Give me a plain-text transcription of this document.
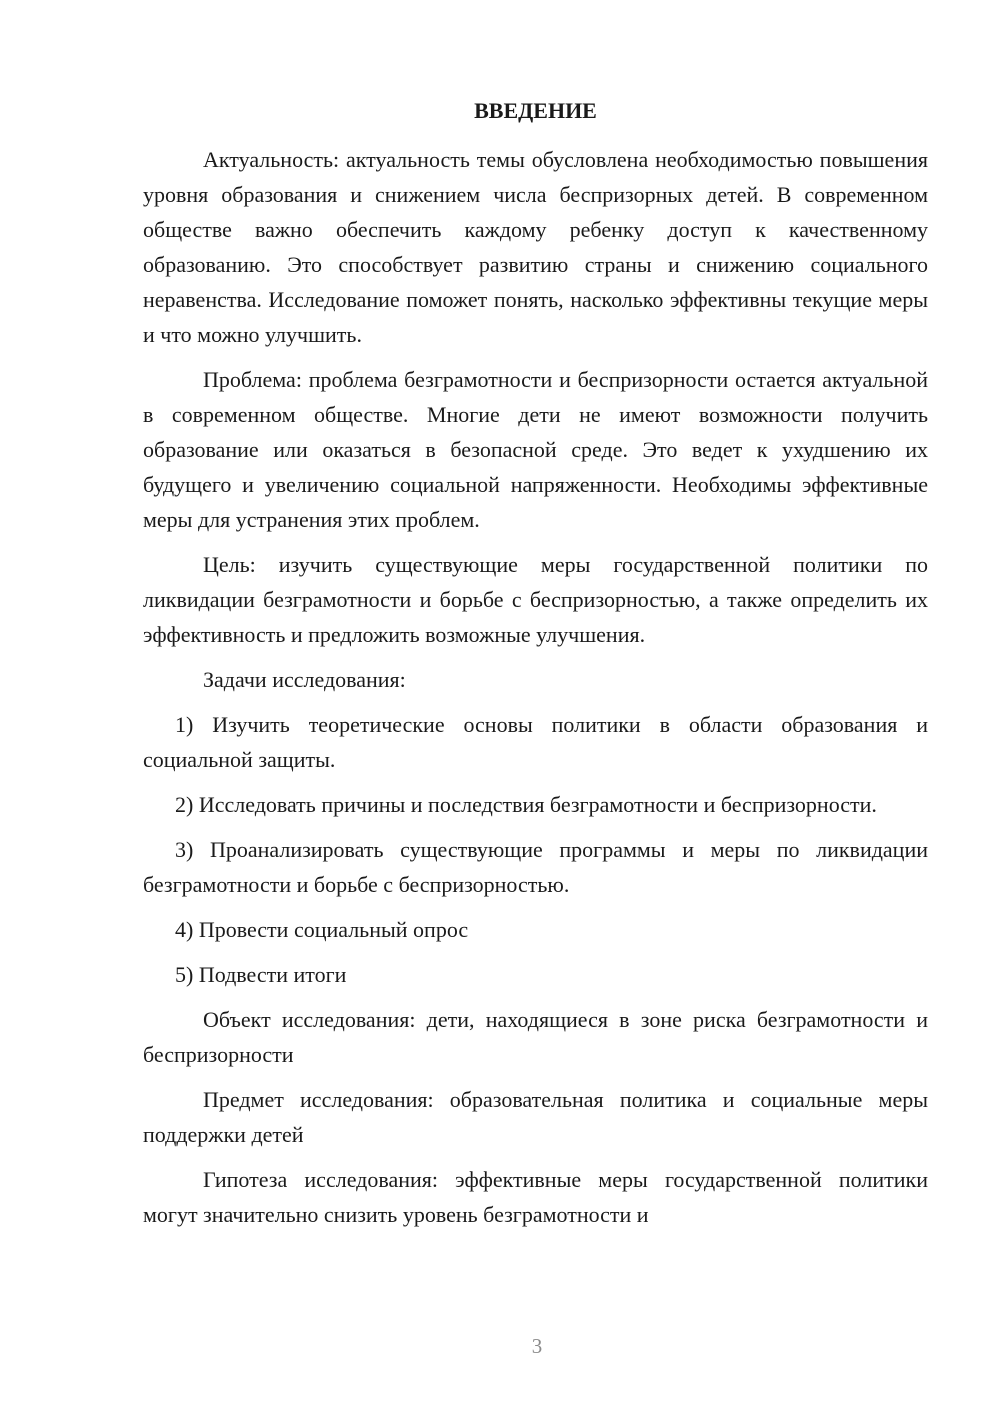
ВВЕДЕНИЕ

Актуальность: актуальность темы обусловлена необходимостью повышения уровня образования и снижением числа беспризорных детей. В современном обществе важно обеспечить каждому ребенку доступ к качественному образованию. Это способствует развитию страны и снижению социального неравенства. Исследование поможет понять, насколько эффективны текущие меры и что можно улучшить.

Проблема: проблема безграмотности и беспризорности остается актуальной в современном обществе. Многие дети не имеют возможности получить образование или оказаться в безопасной среде. Это ведет к ухудшению их будущего и увеличению социальной напряженности. Необходимы эффективные меры для устранения этих проблем.

Цель: изучить существующие меры государственной политики по ликвидации безграмотности и борьбе с беспризорностью, а также определить их эффективность и предложить возможные улучшения.

Задачи исследования:

1) Изучить теоретические основы политики в области образования и социальной защиты.

2) Исследовать причины и последствия безграмотности и беспризорности.

3) Проанализировать существующие программы и меры по ликвидации безграмотности и борьбе с беспризорностью.

4) Провести социальный опрос

5) Подвести итоги

Объект исследования: дети, находящиеся в зоне риска безграмотности и беспризорности

Предмет исследования: образовательная политика и социальные меры поддержки детей

Гипотеза исследования: эффективные меры государственной политики могут значительно снизить уровень безграмотности и

3
